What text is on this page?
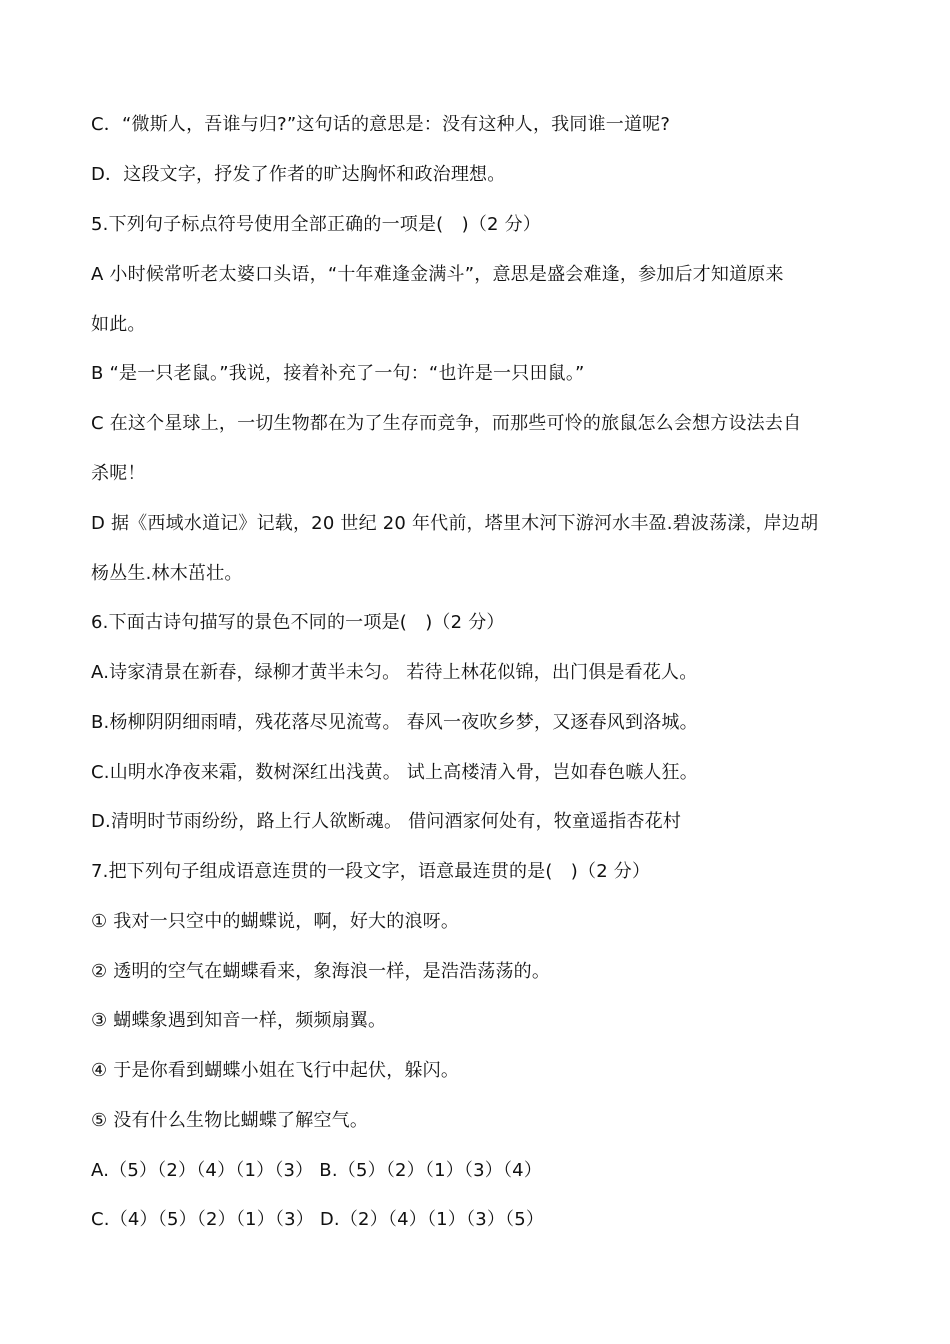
C．“微斯人，吾谁与归?”这句话的意思是：没有这种人，我同谁一道呢?
D．这段文字，抒发了作者的旷达胸怀和政治理想。
5.下列句子标点符号使用全部正确的一项是(　)（2 分）
A 小时候常听老太婆口头语，“十年难逢金满斗”，意思是盛会难逢，参加后才知道原来
如此。
B “是一只老鼠。”我说，接着补充了一句：“也许是一只田鼠。”
C 在这个星球上，一切生物都在为了生存而竞争，而那些可怜的旅鼠怎么会想方设法去自
杀呢！
D 据《西域水道记》记载，20 世纪 20 年代前，塔里木河下游河水丰盈.碧波荡漾，岸边胡
杨丛生.林木茁壮。
6.下面古诗句描写的景色不同的一项是(　)（2 分）
A.诗家清景在新春，绿柳才黄半未匀。 若待上林花似锦，出门俱是看花人。
B.杨柳阴阴细雨晴，残花落尽见流莺。 春风一夜吹乡梦，又逐春风到洛城。
C.山明水净夜来霜，数树深红出浅黄。 试上高楼清入骨，岂如春色嗾人狂。
D.清明时节雨纷纷，路上行人欲断魂。 借问酒家何处有，牧童遥指杏花村
7.把下列句子组成语意连贯的一段文字，语意最连贯的是(　)（2 分）
① 我对一只空中的蝴蝶说，啊，好大的浪呀。
② 透明的空气在蝴蝶看来，象海浪一样，是浩浩荡荡的。
③ 蝴蝶象遇到知音一样，频频扇翼。
④ 于是你看到蝴蝶小姐在飞行中起伏，躲闪。
⑤ 没有什么生物比蝴蝶了解空气。
A.（5）（2）（4）（1）（3） B.（5）（2）（1）（3）（4）
C.（4）（5）（2）（1）（3） D.（2）（4）（1）（3）（5）
